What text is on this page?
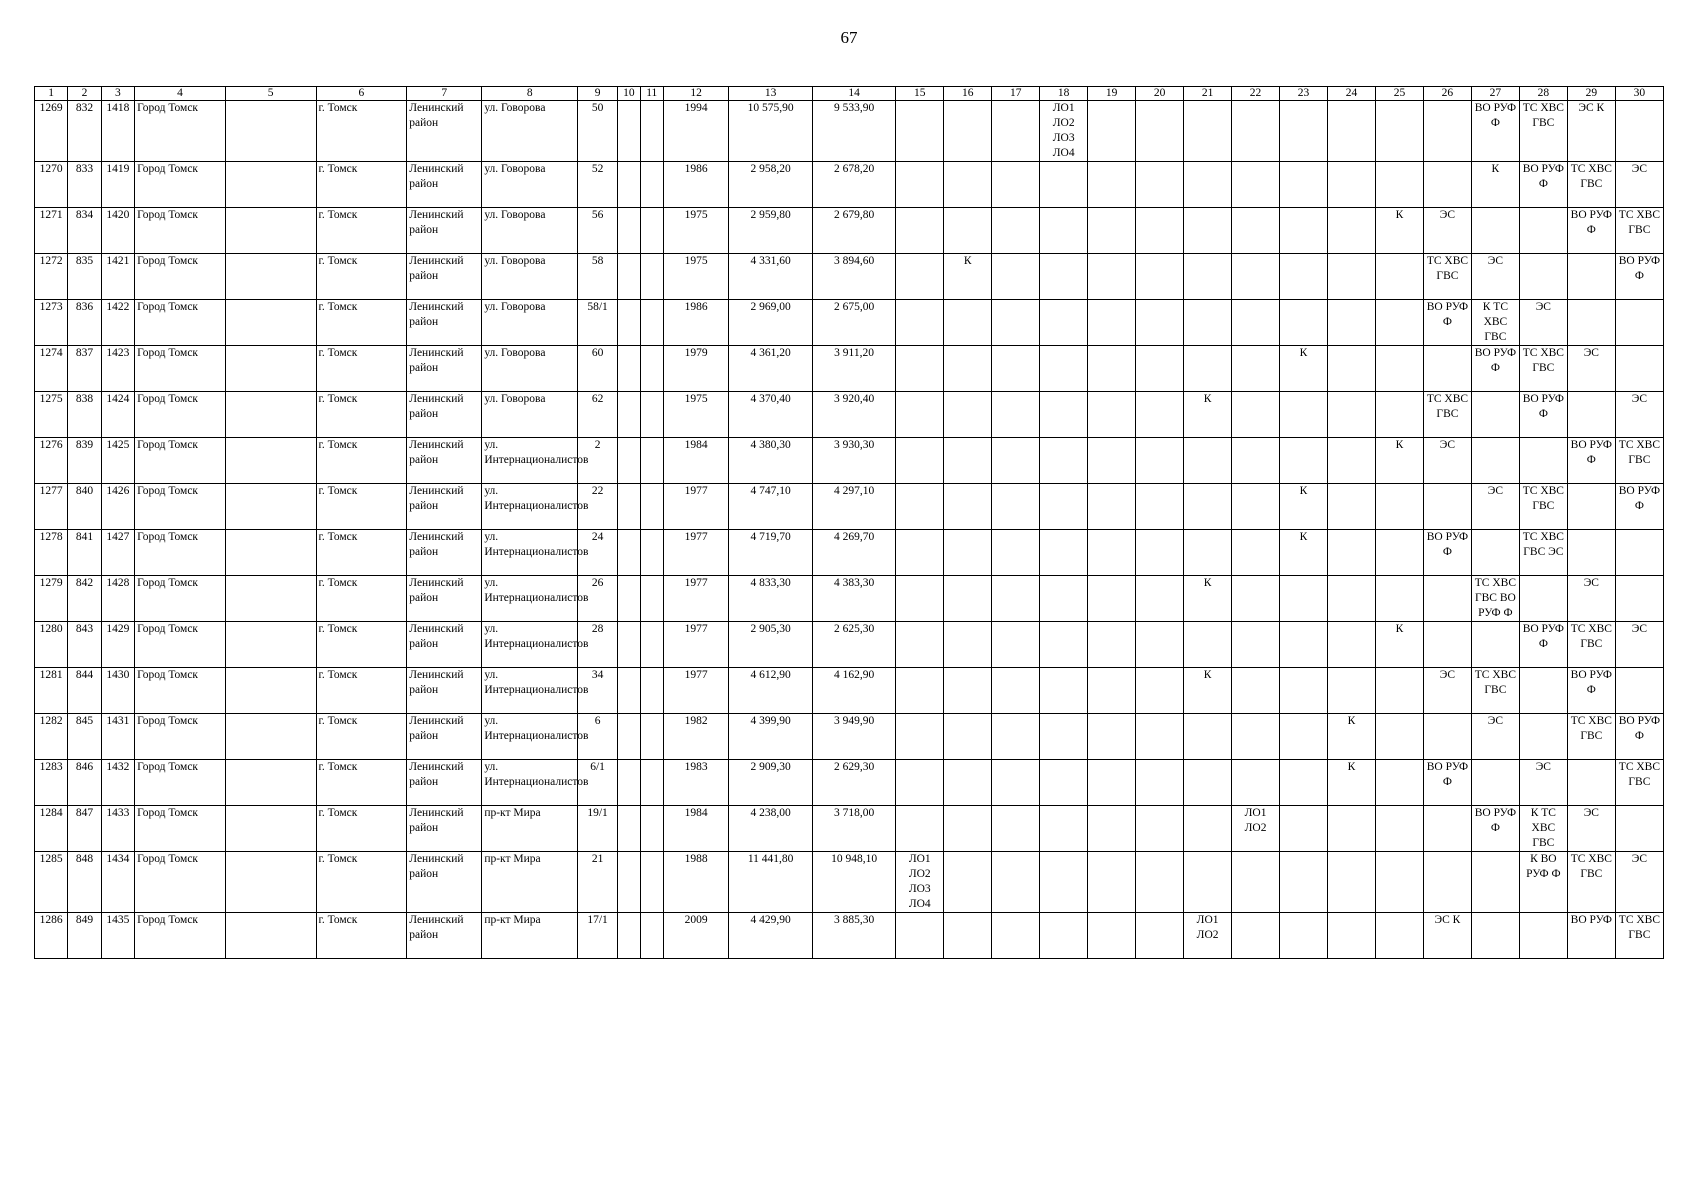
67
1	2	3	4	5	6	7	8	9	10	11	12	13	14	15	16	17	18	19	20	21	22	23	24	25	26	27	28	29	30
1269	832	1418	Город Томск		г. Томск	Ленинский район	ул. Говорова	50			1994	10 575,90	9 533,90				ЛО1 ЛО2 ЛО3 ЛО4									ВО РУФ Ф	ТС ХВС ГВС	ЭС К	
1270	833	1419	Город Томск		г. Томск	Ленинский район	ул. Говорова	52			1986	2 958,20	2 678,20													К	ВО РУФ Ф	ТС ХВС ГВС	ЭС
1271	834	1420	Город Томск		г. Томск	Ленинский район	ул. Говорова	56			1975	2 959,80	2 679,80											К	ЭС			ВО РУФ Ф	ТС ХВС ГВС
1272	835	1421	Город Томск		г. Томск	Ленинский район	ул. Говорова	58			1975	4 331,60	3 894,60		К										ТС ХВС ГВС	ЭС			ВО РУФ Ф
1273	836	1422	Город Томск		г. Томск	Ленинский район	ул. Говорова	58/1			1986	2 969,00	2 675,00												ВО РУФ Ф	К ТС ХВС ГВС	ЭС		
1274	837	1423	Город Томск		г. Томск	Ленинский район	ул. Говорова	60			1979	4 361,20	3 911,20									К				ВО РУФ Ф	ТС ХВС ГВС	ЭС	
1275	838	1424	Город Томск		г. Томск	Ленинский район	ул. Говорова	62			1975	4 370,40	3 920,40							К					ТС ХВС ГВС		ВО РУФ Ф		ЭС
1276	839	1425	Город Томск		г. Томск	Ленинский район	ул. Интернационалистов	2			1984	4 380,30	3 930,30											К	ЭС			ВО РУФ Ф	ТС ХВС ГВС
1277	840	1426	Город Томск		г. Томск	Ленинский район	ул. Интернационалистов	22			1977	4 747,10	4 297,10									К				ЭС	ТС ХВС ГВС		ВО РУФ Ф
1278	841	1427	Город Томск		г. Томск	Ленинский район	ул. Интернационалистов	24			1977	4 719,70	4 269,70									К			ВО РУФ Ф		ТС ХВС ГВС ЭС		
1279	842	1428	Город Томск		г. Томск	Ленинский район	ул. Интернационалистов	26			1977	4 833,30	4 383,30							К						ТС ХВС ГВС ВО РУФ Ф		ЭС	
1280	843	1429	Город Томск		г. Томск	Ленинский район	ул. Интернационалистов	28			1977	2 905,30	2 625,30											К			ВО РУФ Ф	ТС ХВС ГВС	ЭС
1281	844	1430	Город Томск		г. Томск	Ленинский район	ул. Интернационалистов	34			1977	4 612,90	4 162,90							К					ЭС	ТС ХВС ГВС		ВО РУФ Ф	
1282	845	1431	Город Томск		г. Томск	Ленинский район	ул. Интернационалистов	6			1982	4 399,90	3 949,90										К			ЭС		ТС ХВС ГВС	ВО РУФ Ф
1283	846	1432	Город Томск		г. Томск	Ленинский район	ул. Интернационалистов	6/1			1983	2 909,30	2 629,30										К		ВО РУФ Ф		ЭС		ТС ХВС ГВС
1284	847	1433	Город Томск		г. Томск	Ленинский район	пр-кт Мира	19/1			1984	4 238,00	3 718,00								ЛО1 ЛО2					ВО РУФ Ф	К ТС ХВС ГВС	ЭС	
1285	848	1434	Город Томск		г. Томск	Ленинский район	пр-кт Мира	21			1988	11 441,80	10 948,10	ЛО1 ЛО2 ЛО3 ЛО4													К ВО РУФ Ф	ТС ХВС ГВС	ЭС
1286	849	1435	Город Томск		г. Томск	Ленинский район	пр-кт Мира	17/1			2009	4 429,90	3 885,30							ЛО1 ЛО2					ЭС К			ВО РУФ	ТС ХВС ГВС
